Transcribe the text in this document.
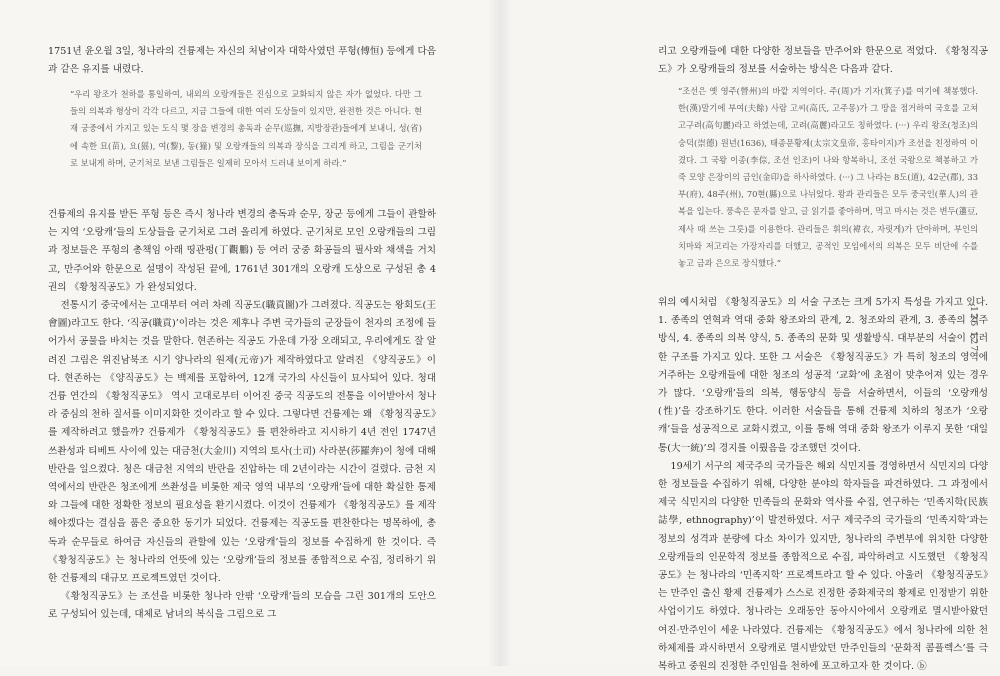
1751년 윤오월 3일, 청나라의 건륭제는 자신의 처남이자 대학사였던 푸헝(傅恒) 등에게 다음과 같은 유지를 내렸다.

“우리 왕조가 천하를 통일하여, 내외의 오랑캐들은 진심으로 교화되지 않은 자가 없었다. 다만 그들의 의복과 형상이 각각 다르고, 지금 그들에 대한 여러 도상들이 있지만, 완전한 것은 아니다. 현재 궁중에서 가지고 있는 도식 몇 장을 변경의 총독과 순무(巡撫, 지방장관)들에게 보내니, 성(省)에 속한 묘(苗), 요(猺), 여(黎), 동(獞) 및 오랑캐들의 의복과 장식을 그리게 하고, 그림을 군기처로 보내게 하며, 군기처로 보낸 그림들은 일제히 모아서 드러내 보이게 하라.”

건륭제의 유지를 받든 푸헝 등은 즉시 청나라 변경의 총독과 순무, 장군 등에게 그들이 관할하는 지역 ‘오랑캐’들의 도상들을 군기처로 그려 올리게 하였다. 군기처로 모인 오랑캐들의 그림과 정보들은 푸헝의 총책임 아래 띵관펑(丁觀鵬) 등 여러 궁중 화공들의 필사와 채색을 거치고, 만주어와 한문으로 설명이 작성된 끝에, 1761년 301개의 오랑캐 도상으로 구성된 총 4권의 《황청직공도》가 완성되었다.

전통시기 중국에서는 고대부터 여러 차례 직공도(職貢圖)가 그려졌다. 직공도는 왕회도(王會圖)라고도 한다. ‘직공(職貢)’이라는 것은 제후나 주변 국가들의 군장들이 천자의 조정에 들어가서 공물을 바치는 것을 말한다. 현존하는 직공도 가운데 가장 오래되고, 우리에게도 잘 알려진 그림은 위진남북조 시기 양나라의 원제(元帝)가 제작하였다고 알려진 《양직공도》이다. 현존하는 《양직공도》는 백제를 포함하여, 12개 국가의 사신들이 묘사되어 있다. 청대 건륭 연간의 《황청직공도》 역시 고대로부터 이어진 중국 직공도의 전통을 이어받아서 청나라 중심의 천하 질서를 이미지화한 것이라고 할 수 있다. 그렇다면 건륭제는 왜 《황청직공도》를 제작하려고 했을까? 건륭제가 《황청직공도》를 편찬하라고 지시하기 4년 전인 1747년 쓰촨성과 티베트 사이에 있는 대금천(大金川) 지역의 토사(土司) 사라분(莎羅奔)이 청에 대해 반란을 일으켰다. 청은 대금천 지역의 반란을 진압하는 데 2년이라는 시간이 걸렸다. 금천 지역에서의 반란은 청조에게 쓰촨성을 비롯한 제국 영역 내부의 ‘오랑캐’들에 대한 확실한 통제와 그들에 대한 정확한 정보의 필요성을 환기시켰다. 이것이 건륭제가 《황청직공도》를 제작해야겠다는 결심을 품은 중요한 동기가 되었다. 건륭제는 직공도를 편찬한다는 명목하에, 총독과 순무들로 하여금 자신들의 관할에 있는 ‘오랑캐’들의 정보를 수집하게 한 것이다. 즉 《황청직공도》는 청나라의 언뜻에 있는 ‘오랑캐’들의 정보를 종합적으로 수집, 정리하기 위한 건륭제의 대규모 프로젝트였던 것이다.

《황청직공도》는 조선을 비롯한 청나라 안팎 ‘오랑캐’들의 모습을 그린 301개의 도안으로 구성되어 있는데, 대체로 남녀의 복식을 그림으로 그

리고 오랑캐들에 대한 다양한 정보들을 만주어와 한문으로 적었다. 《황청직공도》가 오랑캐들의 정보를 서술하는 방식은 다음과 같다.

“조선은 옛 영주(營州)의 바깥 지역이다. 주(周)가 기자(箕子)를 여기에 책봉했다. 한(漢)말기에 부여(夫餘) 사람 고씨(高氏, 고주몽)가 그 땅을 점거하여 국호를 고쳐 고구려(高句麗)라고 하였는데, 고려(高麗)라고도 칭하였다. (···) 우리 왕조(청조)의 숭덕(崇德) 원년(1636), 태종문황제(太宗文皇帝, 홍타이지)가 조선을 친정하여 이겼다. 그 국왕 이종(李倧, 조선 인조)이 나와 항복하니, 조선 국왕으로 책봉하고 가죽 모양 은장이의 금인(金印)을 하사하였다. (···) 그 나라는 8도(道), 42군(郡), 33부(府), 48주(州), 70현(縣)으로 나뉘었다. 왕과 관리들은 모두 중국인(華人)의 관복을 입는다. 풍속은 문자를 알고, 글 읽기를 좋아하며, 먹고 마시는 것은 변두(籩豆, 제사 때 쓰는 그릇)를 이용한다. 관리들은 휘의(褘衣, 자릿게)가 단아하며, 부인의 치마와 저고리는 가장자리를 더했고, 공적인 모임에서의 의복은 모두 비단에 수를 놓고 금과 은으로 장식했다.”

위의 예시처럼 《황청직공도》의 서술 구조는 크게 5가지 특성을 가지고 있다. 1. 종족의 연혁과 역대 중화 왕조와의 관계, 2. 청조와의 관계, 3. 종족의 거주 방식, 4. 종족의 의복 양식, 5. 종족의 문화 및 생활방식. 대부분의 서술이 이러한 구조를 가지고 있다. 또한 그 서술은 《황청직공도》가 특히 청조의 영역에 거주하는 오랑캐들에 대한 청조의 성공적 ‘교화’에 초점이 맞추어져 있는 경우가 많다. ‘오랑캐’들의 의복, 행동양식 등을 서술하면서, 이들의 ‘오랑캐성(性)’을 강조하기도 한다. 이러한 서술들을 통해 건륭제 치하의 청조가 ‘오랑캐’들을 성공적으로 교화시켰고, 이를 통해 역대 중화 왕조가 이루지 못한 ‘대일통(大一統)’의 경지를 이뤘음을 강조했던 것이다.

19세기 서구의 제국주의 국가들은 해외 식민지를 경영하면서 식민지의 다양한 정보들을 수집하기 위해, 다양한 분야의 학자들을 파견하였다. 그 과정에서 제국 식민지의 다양한 민족들의 문화와 역사를 수집, 연구하는 ‘민족지학(民族誌學, ethnography)’이 발전하였다. 서구 제국주의 국가들의 ‘민족지학’과는 정보의 성격과 분량에 다소 차이가 있지만, 청나라의 주변부에 위치한 다양한 오랑캐들의 인문학적 정보를 종합적으로 수집, 파악하려고 시도했던 《황청직공도》는 청나라의 ‘민족지학’ 프로젝트라고 할 수 있다. 아울러 《황청직공도》는 만주인 출신 황제 건륭제가 스스로 진정한 중화제국의 황제로 인정받기 위한 사업이기도 하였다. 청나라는 오래동안 동아시아에서 오랑캐로 멸시받아왔던 여진·만주인이 세운 나라였다. 건륭제는 《황청직공도》에서 청나라에 의한 천하체제를 과시하면서 오랑캐로 멸시받았던 만주인들의 ‘문화적 콤플렉스’를 극복하고 중원의 진정한 주인임을 천하에 포고하고자 한 것이다. ⓑ

126 127
